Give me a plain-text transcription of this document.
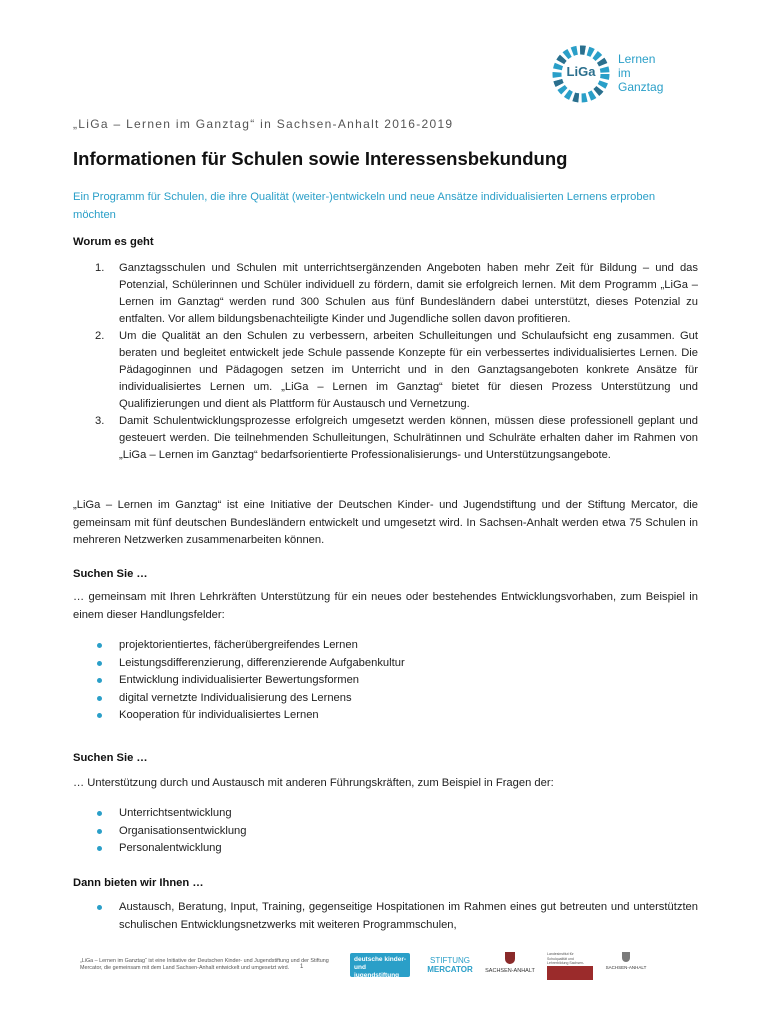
LiGa
Lernen
im
Ganztag
„LiGa – Lernen im Ganztag“ in Sachsen-Anhalt 2016-2019
Informationen für Schulen sowie Interessensbekundung
Ein Programm für Schulen, die ihre Qualität (weiter-)entwickeln und neue Ansätze individualisierten Lernens erproben möchten
Worum es geht
1. Ganztagsschulen und Schulen mit unterrichtsergänzenden Angeboten haben mehr Zeit für Bildung – und das Potenzial, Schülerinnen und Schüler individuell zu fördern, damit sie erfolgreich lernen. Mit dem Programm „LiGa – Lernen im Ganztag“ werden rund 300 Schulen aus fünf Bundesländern dabei unterstützt, dieses Potenzial zu entfalten. Vor allem bildungsbenachteiligte Kinder und Jugendliche sollen davon profitieren.
2. Um die Qualität an den Schulen zu verbessern, arbeiten Schulleitungen und Schulaufsicht eng zusammen. Gut beraten und begleitet entwickelt jede Schule passende Konzepte für ein verbessertes individualisiertes Lernen. Die Pädagoginnen und Pädagogen setzen im Unterricht und in den Ganztagsangeboten konkrete Ansätze für individualisiertes Lernen um. „LiGa – Lernen im Ganztag“ bietet für diesen Prozess Unterstützung und Qualifizierungen und dient als Plattform für Austausch und Vernetzung.
3. Damit Schulentwicklungsprozesse erfolgreich umgesetzt werden können, müssen diese professionell geplant und gesteuert werden. Die teilnehmenden Schulleitungen, Schulrätinnen und Schulräte erhalten daher im Rahmen von „LiGa – Lernen im Ganztag“ bedarfsorientierte Professionalisierungs- und Unterstützungsangebote.
„LiGa – Lernen im Ganztag“ ist eine Initiative der Deutschen Kinder- und Jugendstiftung und der Stiftung Mercator, die gemeinsam mit fünf deutschen Bundesländern entwickelt und umgesetzt wird. In Sachsen-Anhalt werden etwa 75 Schulen in mehreren Netzwerken zusammenarbeiten können.
Suchen Sie …
… gemeinsam mit Ihren Lehrkräften Unterstützung für ein neues oder bestehendes Entwicklungsvorhaben, zum Beispiel in einem dieser Handlungsfelder:
projektorientiertes, fächerübergreifendes Lernen
Leistungsdifferenzierung, differenzierende Aufgabenkultur
Entwicklung individualisierter Bewertungsformen
digital vernetzte Individualisierung des Lernens
Kooperation für individualisiertes Lernen
Suchen Sie …
… Unterstützung durch und Austausch mit anderen Führungskräften, zum Beispiel in Fragen der:
Unterrichtsentwicklung
Organisationsentwicklung
Personalentwicklung
Dann bieten wir Ihnen …
Austausch, Beratung, Input, Training, gegenseitige Hospitationen im Rahmen eines gut betreuten und unterstützten schulischen Entwicklungsnetzwerks mit weiteren Programmschulen,
„LiGa – Lernen im Ganztag“ ist eine Initiative der Deutschen Kinder- und Jugendstiftung und der Stiftung Mercator, die gemeinsam mit dem Land Sachsen-Anhalt entwickelt und umgesetzt wird.	1
deutsche kinder- und jugendstiftung
STIFTUNG
MERCATOR	SACHSEN-ANHALT
Landesinstitut für Schulqualität und Lehrerbildung Sachsen-
SACHSEN-ANHALT
